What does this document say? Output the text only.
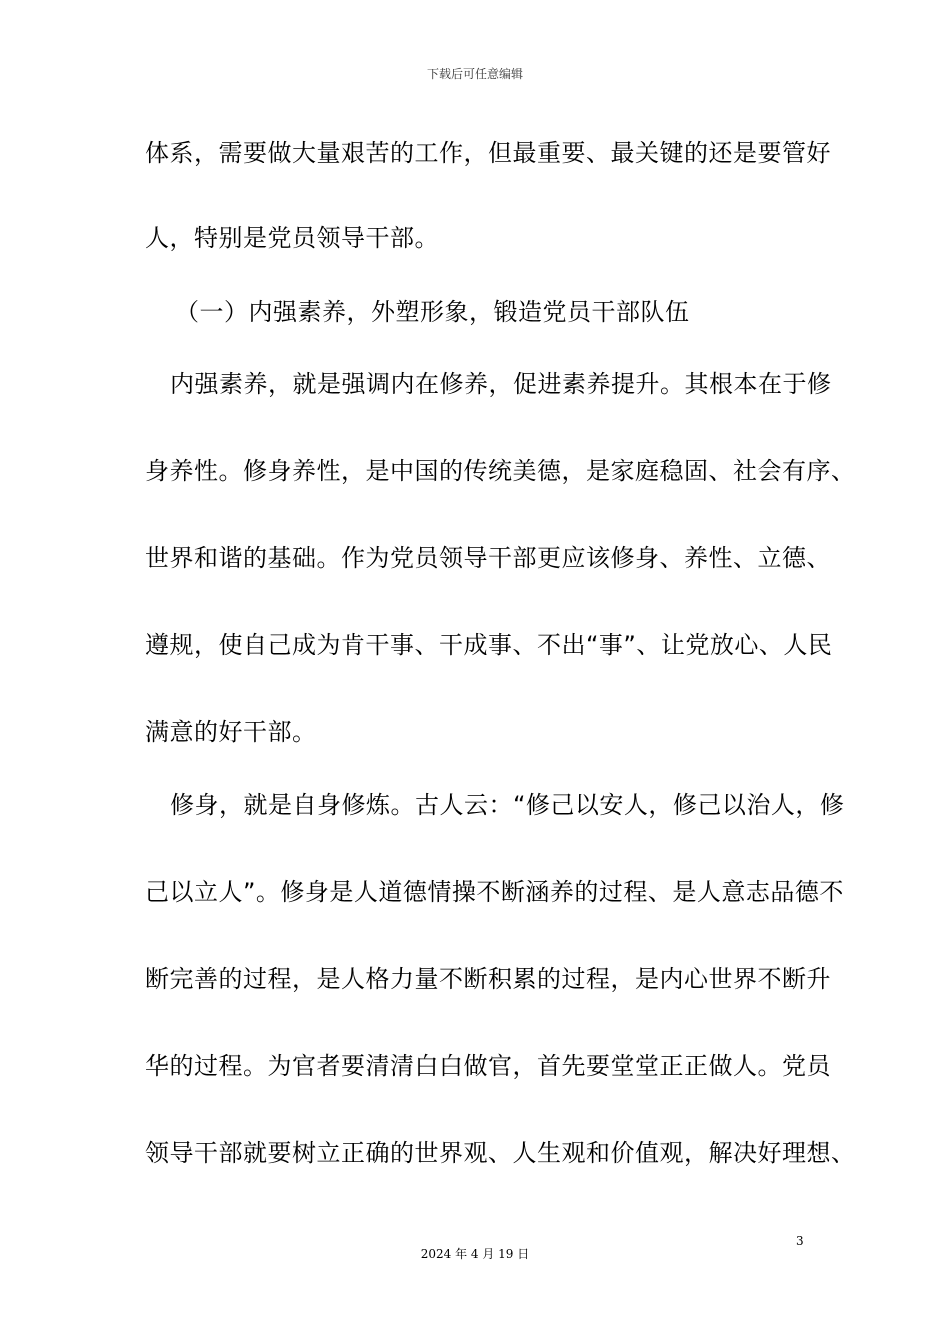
下载后可任意编辑
体系，需要做大量艰苦的工作，但最重要、最关键的还是要管好
人，特别是党员领导干部。
（一）内强素养，外塑形象，锻造党员干部队伍
内强素养，就是强调内在修养，促进素养提升。其根本在于修
身养性。修身养性，是中国的传统美德，是家庭稳固、社会有序、
世界和谐的基础。作为党员领导干部更应该修身、养性、立德、
遵规，使自己成为肯干事、干成事、不出“事”、让党放心、人民
满意的好干部。
修身，就是自身修炼。古人云：“修己以安人，修己以治人，修
己以立人”。修身是人道德情操不断涵养的过程、是人意志品德不
断完善的过程，是人格力量不断积累的过程，是内心世界不断升
华的过程。为官者要清清白白做官，首先要堂堂正正做人。党员
领导干部就要树立正确的世界观、人生观和价值观，解决好理想、
3
2024 年 4 月 19 日
